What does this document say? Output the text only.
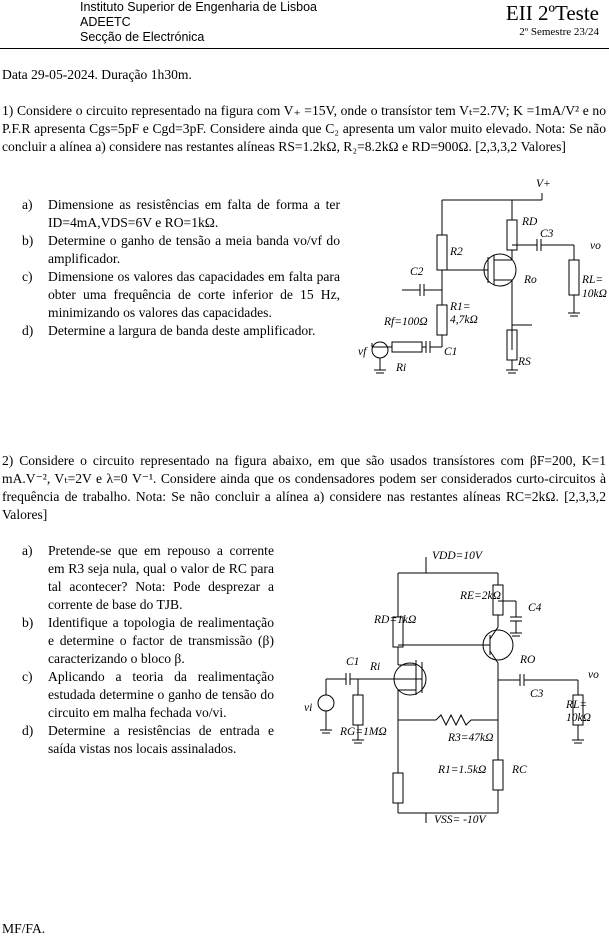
Instituto Superior de Engenharia de Lisboa
ADEETC
Secção de Electrónica
EII 2ºTeste
2º Semestre 23/24
Data 29-05-2024. Duração 1h30m.
1) Considere o circuito representado na figura com V₊ =15V, onde o transístor tem Vₜ=2.7V; K =1mA/V² e no P.F.R apresenta Cgs=5pF e Cgd=3pF. Considere ainda que C₂ apresenta um valor muito elevado. Nota: Se não concluir a alínea a) considere nas restantes alíneas RS=1.2kΩ, R₂=8.2kΩ e RD=900Ω. [2,3,3,2 Valores]
a)	Dimensione as resistências em falta de forma a ter ID=4mA,VDS=6V e RO=1kΩ.
b)	Determine o ganho de tensão a meia banda vo/vf do amplificador.
c)	Dimensione os valores das capacidades em falta para obter uma frequência de corte inferior de 15 Hz, minimizando os valores das capacidades.
d)	Determine a largura de banda deste amplificador.
V+
RD
C3
vo
R2
C2
Ro	RL=
10kΩ
R1=
4,7kΩ
Rf=100Ω
vf	C1
RS
Ri
2) Considere o circuito representado na figura abaixo, em que são usados transístores com βF=200, K=1 mA.V⁻², Vₜ=2V e λ=0 V⁻¹. Considere ainda que os condensadores podem ser considerados curto-circuitos à frequência de trabalho. Nota: Se não concluir a alínea a) considere nas restantes alíneas RC=2kΩ. [2,3,3,2 Valores]
a)	Pretende-se que em repouso a corrente em R3 seja nula, qual o valor de RC para tal acontecer? Nota: Pode desprezar a corrente de base do TJB.
b)	Identifique a topologia de realimentação e determine o factor de transmissão (β) caracterizando o bloco β.
c)	Aplicando a teoria da realimentação estudada determine o ganho de tensão do circuito em malha fechada vo/vi.
d)	Determine a resistências de entrada e saída vistas nos locais assinalados.
VDD=10V
RE=2kΩ
C4
RD=1kΩ
C1 Ri
RO
vo
C3
RL=
10kΩ
vi
RG=1MΩ	R3=47kΩ
R1=1.5kΩ RC
VSS= -10V
MF/FA.
